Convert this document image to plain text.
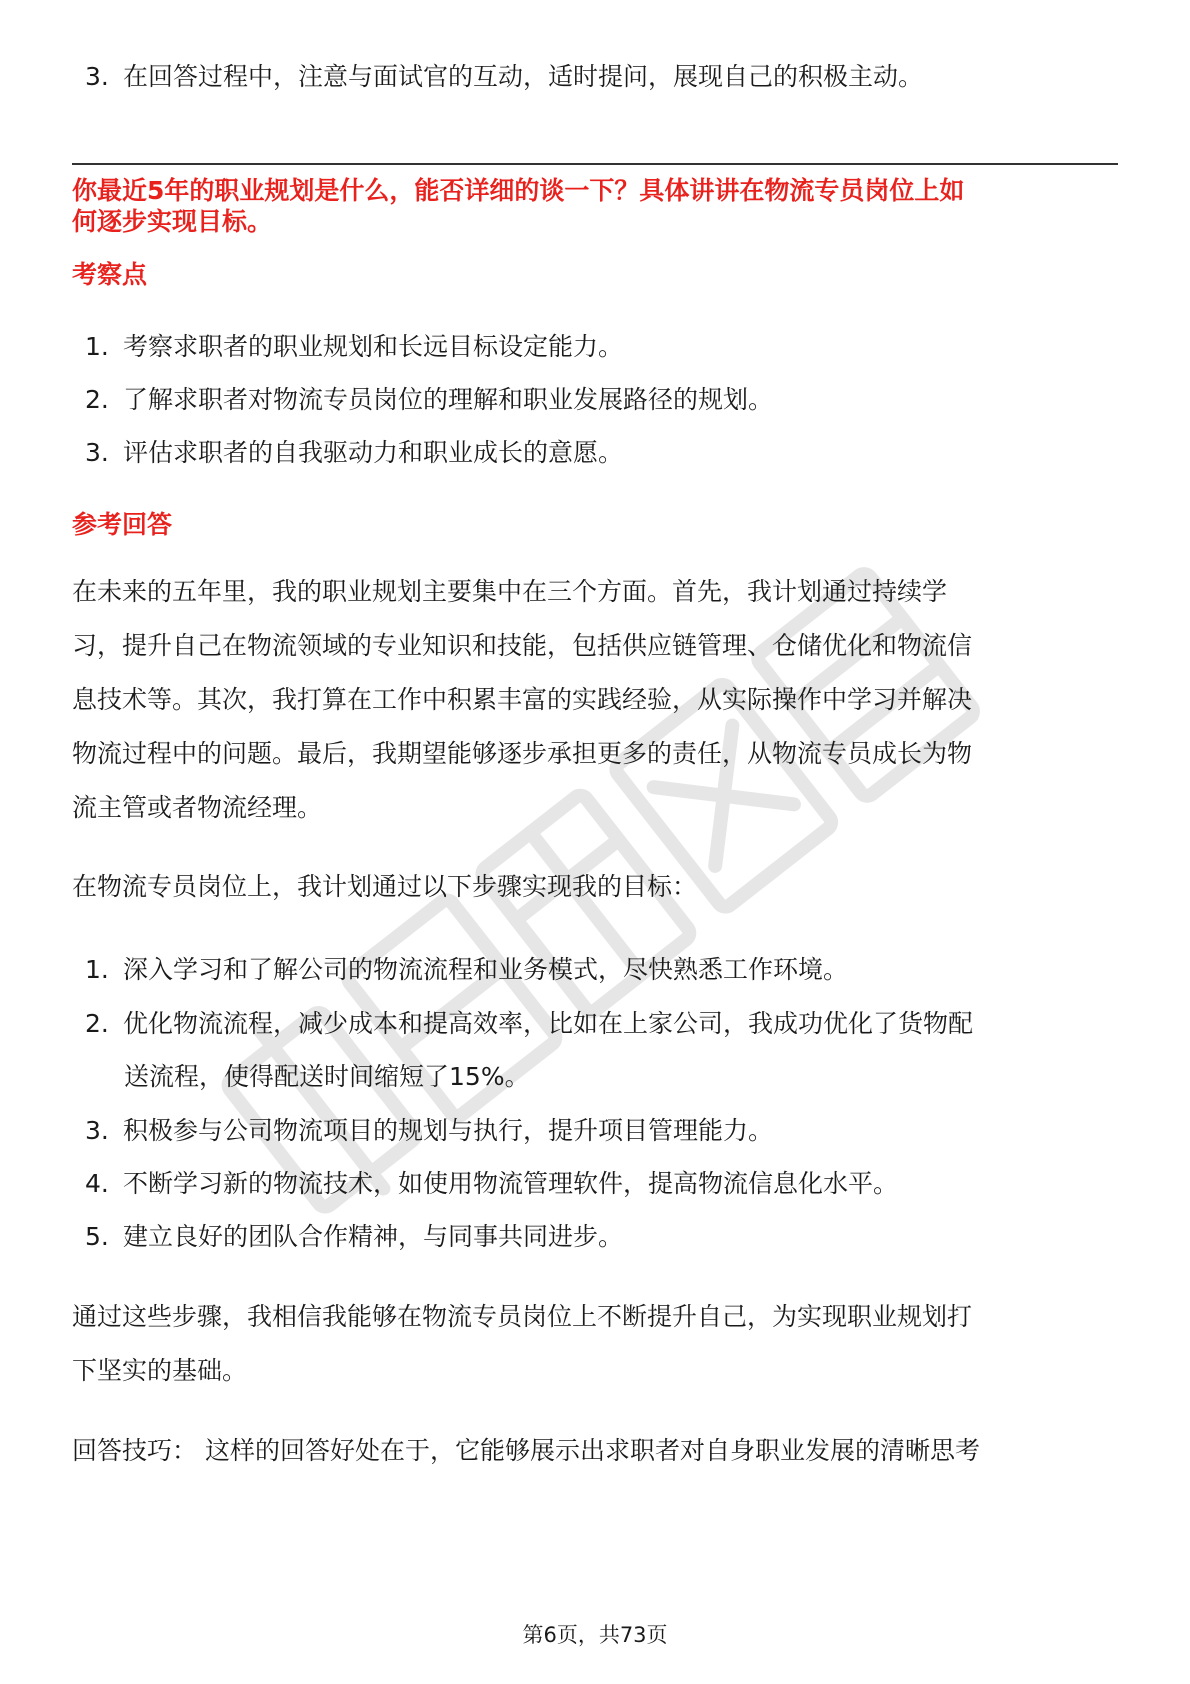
3. 在回答过程中，注意与面试官的互动，适时提问，展现自己的积极主动。
你最近5年的职业规划是什么，能否详细的谈一下？具体讲讲在物流专员岗位上如
何逐步实现目标。
考察点
1. 考察求职者的职业规划和长远目标设定能力。
2. 了解求职者对物流专员岗位的理解和职业发展路径的规划。
3. 评估求职者的自我驱动力和职业成长的意愿。
参考回答
在未来的五年里，我的职业规划主要集中在三个方面。首先，我计划通过持续学
习，提升自己在物流领域的专业知识和技能，包括供应链管理、仓储优化和物流信
息技术等。其次，我打算在工作中积累丰富的实践经验，从实际操作中学习并解决
物流过程中的问题。最后，我期望能够逐步承担更多的责任，从物流专员成长为物
流主管或者物流经理。
在物流专员岗位上，我计划通过以下步骤实现我的目标：
1. 深入学习和了解公司的物流流程和业务模式，尽快熟悉工作环境。
2. 优化物流流程，减少成本和提高效率，比如在上家公司，我成功优化了货物配
送流程，使得配送时间缩短了15%。
3. 积极参与公司物流项目的规划与执行，提升项目管理能力。
4. 不断学习新的物流技术，如使用物流管理软件，提高物流信息化水平。
5. 建立良好的团队合作精神，与同事共同进步。
通过这些步骤，我相信我能够在物流专员岗位上不断提升自己，为实现职业规划打
下坚实的基础。
回答技巧： 这样的回答好处在于，它能够展示出求职者对自身职业发展的清晰思考
第6页，共73页
